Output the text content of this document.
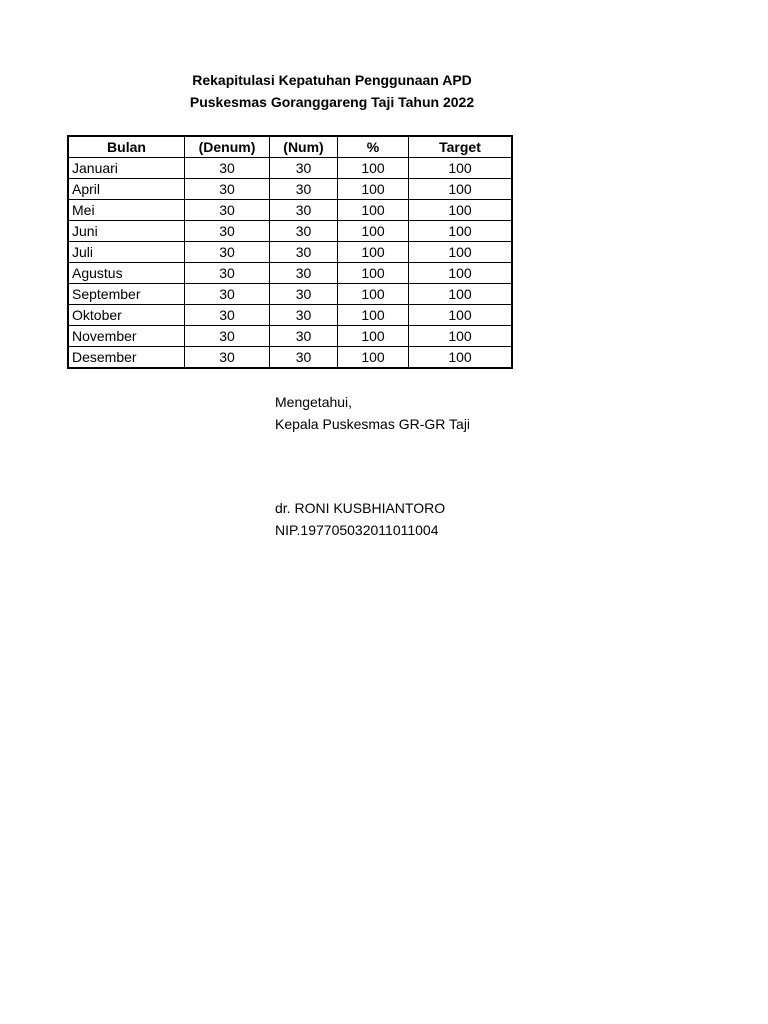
Rekapitulasi Kepatuhan Penggunaan APD
Puskesmas Goranggareng Taji Tahun 2022
Bulan	(Denum)	(Num)	%	Target
Januari	30	30	100	100
April	30	30	100	100
Mei	30	30	100	100
Juni	30	30	100	100
Juli	30	30	100	100
Agustus	30	30	100	100
September	30	30	100	100
Oktober	30	30	100	100
November	30	30	100	100
Desember	30	30	100	100
Mengetahui,
Kepala Puskesmas GR-GR Taji
dr. RONI KUSBHIANTORO
NIP.197705032011011004
